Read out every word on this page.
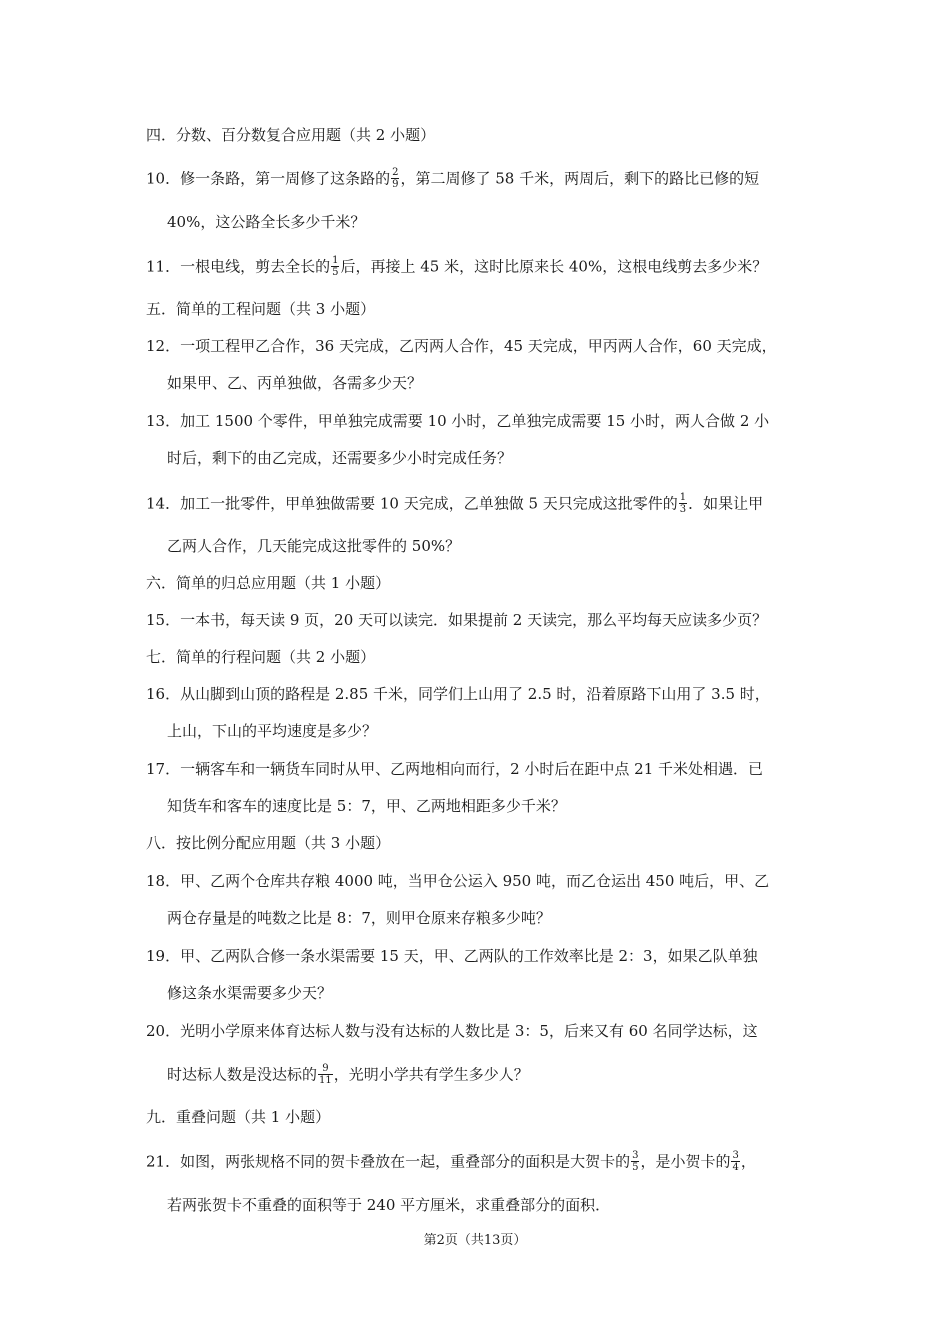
四．分数、百分数复合应用题（共 2 小题）
10．修一条路，第一周修了这条路的 $\frac{2}{9}$ ，第二周修了 58 千米，两周后，剩下的路比已修的短
40%，这公路全长多少千米？
11．一根电线，剪去全长的 $\frac{1}{5}$ 后，再接上 45 米，这时比原来长 40%，这根电线剪去多少米？
五．简单的工程问题（共 3 小题）
12．一项工程甲乙合作，36 天完成，乙丙两人合作，45 天完成，甲丙两人合作，60 天完成，
如果甲、乙、丙单独做，各需多少天？
13．加工 1500 个零件，甲单独完成需要 10 小时，乙单独完成需要 15 小时，两人合做 2 小
时后，剩下的由乙完成，还需要多少小时完成任务？
14．加工一批零件，甲单独做需要 10 天完成，乙单独做 5 天只完成这批零件的 $\frac{1}{3}$ ．如果让甲
乙两人合作，几天能完成这批零件的 50%？
六．简单的归总应用题（共 1 小题）
15．一本书，每天读 9 页，20 天可以读完．如果提前 2 天读完，那么平均每天应读多少页？
七．简单的行程问题（共 2 小题）
16．从山脚到山顶的路程是 2.85 千米，同学们上山用了 2.5 时，沿着原路下山用了 3.5 时，
上山，下山的平均速度是多少？
17．一辆客车和一辆货车同时从甲、乙两地相向而行，2 小时后在距中点 21 千米处相遇．已
知货车和客车的速度比是 5：7，甲、乙两地相距多少千米？
八．按比例分配应用题（共 3 小题）
18．甲、乙两个仓库共存粮 4000 吨，当甲仓公运入 950 吨，而乙仓运出 450 吨后，甲、乙
两仓存量是的吨数之比是 8：7，则甲仓原来存粮多少吨？
19．甲、乙两队合修一条水渠需要 15 天，甲、乙两队的工作效率比是 2：3，如果乙队单独
修这条水渠需要多少天？
20．光明小学原来体育达标人数与没有达标的人数比是 3：5，后来又有 60 名同学达标，这
时达标人数是没达标的 $\frac{9}{11}$ ，光明小学共有学生多少人？
九．重叠问题（共 1 小题）
21．如图，两张规格不同的贺卡叠放在一起，重叠部分的面积是大贺卡的 $\frac{3}{5}$ ，是小贺卡的 $\frac{3}{4}$ ，
若两张贺卡不重叠的面积等于 240 平方厘米，求重叠部分的面积．
第2页（共13页）
